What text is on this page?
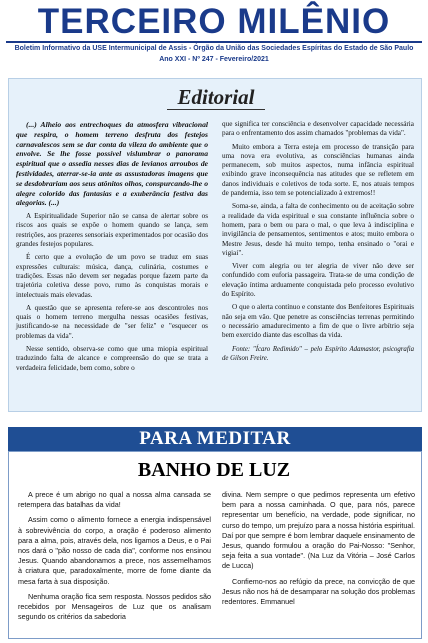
TERCEIRO MILÊNIO
Boletim Informativo da USE Intermunicipal de Assis - Órgão da União das Sociedades Espíritas do Estado de São Paulo
Ano XXI - Nº 247 - Fevereiro/2021
Editorial

(...) Alheio aos entrechoques da atmosfera vibracional que respira, o homem terreno desfruta dos festejos carnavalescos sem se dar conta da vileza do ambiente que o envolve. Se lhe fosse possível vislumbrar o panorama espiritual que o assedia nesses dias de levianos arroubos de festividades, aterrar-se-ia ante as assustadoras imagens que se desdobrariam aos seus atônitos olhos, conspurcando-lhe o alegre colorido das fantasias e a exuberância festiva das alegorias. (...)

A Espiritualidade Superior não se cansa de alertar sobre os riscos aos quais se expõe o homem quando se lança, sem restrições, aos prazeres sensoriais experimentados por ocasião dos grandes festejos populares.

É certo que a evolução de um povo se traduz em suas expressões culturais: música, dança, culinária, costumes e tradições. Essas não devem ser negadas porque fazem parte da trajetória coletiva desse povo, rumo às conquistas morais e intelectuais mais elevadas.

A questão que se apresenta refere-se aos descontroles nos quais o homem terreno mergulha nessas ocasiões festivas, justificando-se na necessidade de "ser feliz" e "esquecer os problemas da vida".

Nesse sentido, observa-se como que uma miopia espiritual traduzindo falta de alcance e compreensão do que se trata a verdadeira felicidade, bem como, sobre o

que significa ter consciência e desenvolver capacidade necessária para o enfrentamento dos assim chamados "problemas da vida".

Muito embora a Terra esteja em processo de transição para uma nova era evolutiva, as consciências humanas ainda permanecem, sob muitos aspectos, numa infância espiritual exibindo grave inconsequência nas atitudes que se refletem em danos individuais e coletivos de toda sorte. E, nos atuais tempos de pandemia, isso tem se potencializado à extremos!!

Soma-se, ainda, a falta de conhecimento ou de aceitação sobre a realidade da vida espiritual e sua constante influência sobre o homem, para o bem ou para o mal, o que leva à indisciplina e invigilância de pensamentos, sentimentos e atos; muito embora o Mestre Jesus, desde há muito tempo, tenha ensinado o "orai e vigiai".

Viver com alegria ou ter alegria de viver não deve ser confundido com euforia passageira. Trata-se de uma condição de elevação íntima arduamente conquistada pelo processo evolutivo do Espírito.

O que o alerta contínuo e constante dos Benfeitores Espirituais não seja em vão. Que penetre as consciências terrenas permitindo o necessário amadurecimento a fim de que o livre arbítrio seja bem exercido diante das escolhas da vida.

Fonte: "Ícaro Redimido" – pelo Espírito Adamastor, psicografia de Gilson Freire.

PARA MEDITAR
BANHO DE LUZ

A prece é um abrigo no qual a nossa alma cansada se retempera das batalhas da vida!

Assim como o alimento fornece a energia indispensável à sobrevivência do corpo, a oração é poderoso alimento para a alma, pois, através dela, nos ligamos a Deus, e o Pai nos dará o "pão nosso de cada dia", conforme nos ensinou Jesus. Quando abandonamos a prece, nos assemelhamos à criatura que, paradoxalmente, morre de fome diante da mesa farta à sua disposição.

Nenhuma oração fica sem resposta. Nossos pedidos são recebidos por Mensageiros de Luz que os analisam segundo os critérios da sabedoria

divina. Nem sempre o que pedimos representa um efetivo bem para a nossa caminhada. O que, para nós, parece representar um benefício, na verdade, pode significar, no curso do tempo, um prejuízo para a nossa história espiritual. Daí por que sempre é bom lembrar daquele ensinamento de Jesus, quando formulou a oração do Pai-Nosso: "Senhor, seja feita a sua vontade". (Na Luz da Vitória – José Carlos de Lucca)

Confiemo-nos ao refúgio da prece, na convicção de que Jesus não nos há de desamparar na solução dos problemas redentores. Emmanuel
